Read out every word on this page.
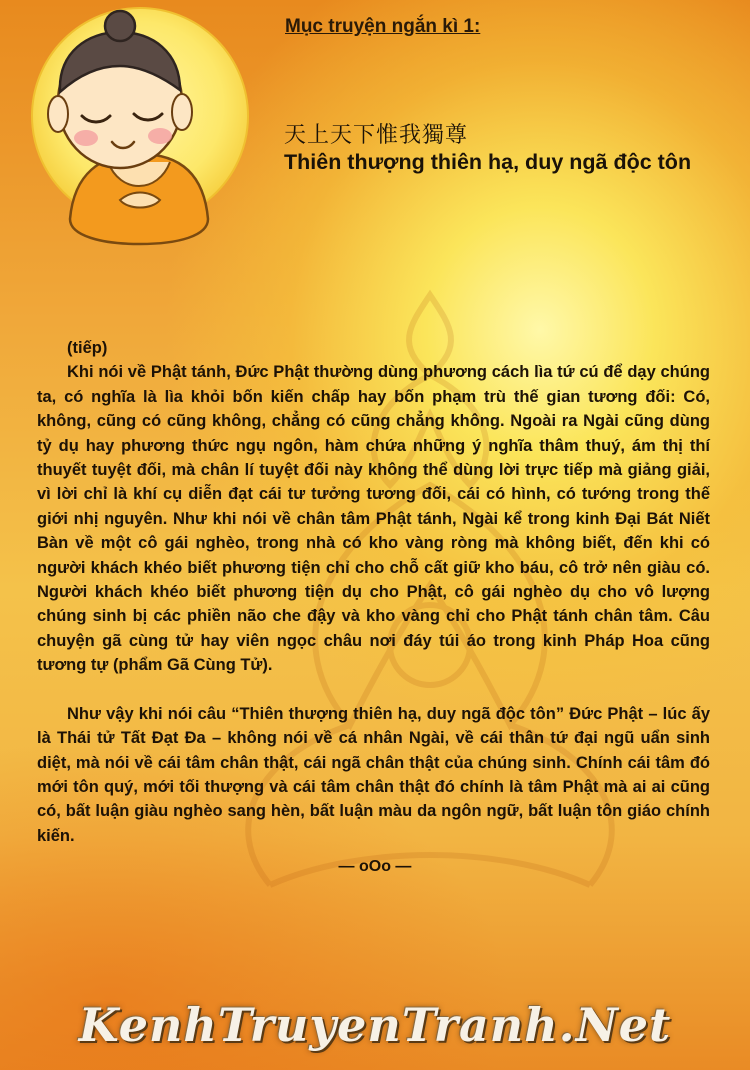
Mục truyện ngắn kì 1:

天上天下惟我獨尊

Thiên thượng thiên hạ, duy ngã độc tôn

(tiếp)

Khi nói về Phật tánh, Đức Phật thường dùng phương cách lìa tứ cú để dạy chúng ta, có nghĩa là lìa khỏi bốn kiến chấp hay bốn phạm trù thế gian tương đối: Có, không, cũng có cũng không, chẳng có cũng chẳng không. Ngoài ra Ngài cũng dùng tỷ dụ hay phương thức ngụ ngôn, hàm chứa những ý nghĩa thâm thuý, ám thị thí thuyết tuyệt đối, mà chân lí tuyệt đối này không thể dùng lời trực tiếp mà giảng giải, vì lời chỉ là khí cụ diễn đạt cái tư tưởng tương đối, cái có hình, có tướng trong thế giới nhị nguyên. Như khi nói về chân tâm Phật tánh, Ngài kể trong kinh Đại Bát Niết Bàn về một cô gái nghèo, trong nhà có kho vàng ròng mà không biết, đến khi có người khách khéo biết phương tiện chỉ cho chỗ cất giữ kho báu, cô trở nên giàu có. Người khách khéo biết phương tiện dụ cho Phật, cô gái nghèo dụ cho vô lượng chúng sinh bị các phiền não che đậy và kho vàng chỉ cho Phật tánh chân tâm. Câu chuyện gã cùng tử hay viên ngọc châu nơi đáy túi áo trong kinh Pháp Hoa cũng tương tự (phẩm Gã Cùng Tử).

Như vậy khi nói câu “Thiên thượng thiên hạ, duy ngã độc tôn” Đức Phật – lúc ấy là Thái tử Tất Đạt Đa – không nói về cá nhân Ngài, về cái thân tứ đại ngũ uẩn sinh diệt, mà nói về cái tâm chân thật, cái ngã chân thật của chúng sinh. Chính cái tâm đó mới tôn quý, mới tối thượng và cái tâm chân thật đó chính là tâm Phật mà ai ai cũng có, bất luận giàu nghèo sang hèn, bất luận màu da ngôn ngữ, bất luận tôn giáo chính kiến.

— oOo —
KenhTruyenTranh.Net
